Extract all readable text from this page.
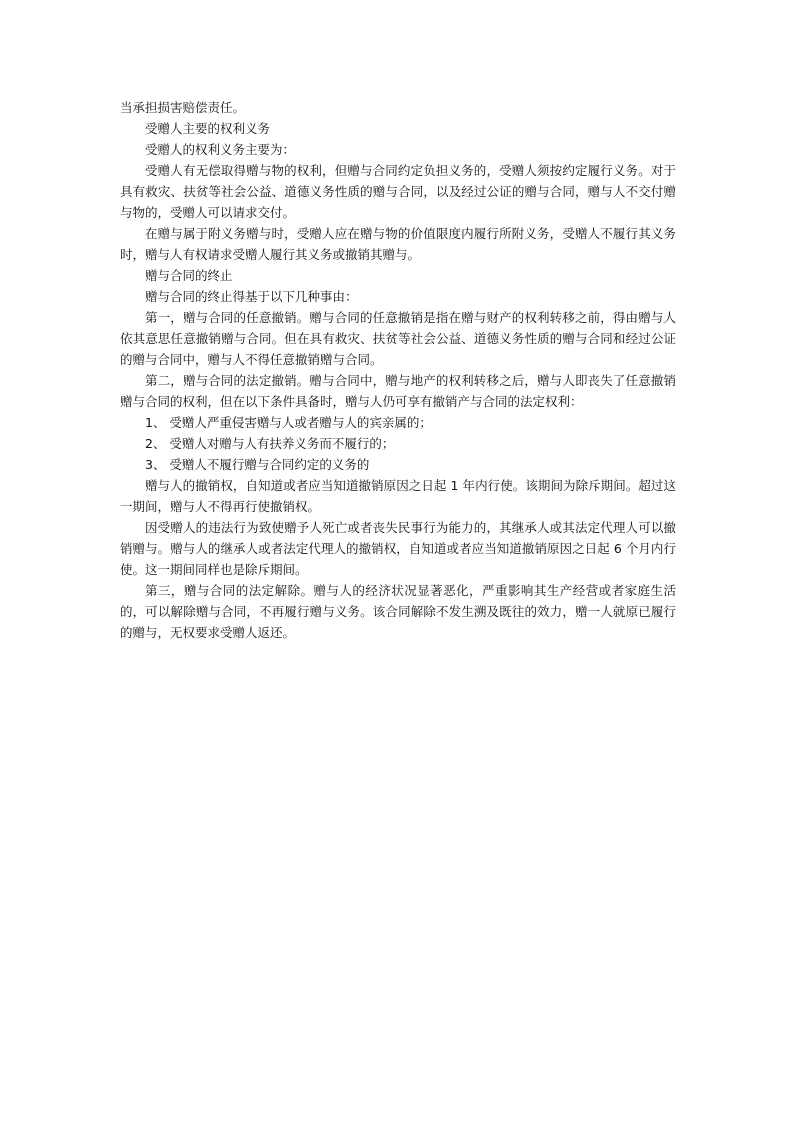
当承担损害赔偿责任。

受赠人主要的权利义务

受赠人的权利义务主要为：

受赠人有无偿取得赠与物的权利，但赠与合同约定负担义务的，受赠人须按约定履行义务。对于具有救灾、扶贫等社会公益、道德义务性质的赠与合同，以及经过公证的赠与合同，赠与人不交付赠与物的，受赠人可以请求交付。

在赠与属于附义务赠与时，受赠人应在赠与物的价值限度内履行所附义务，受赠人不履行其义务时，赠与人有权请求受赠人履行其义务或撤销其赠与。

赠与合同的终止

赠与合同的终止得基于以下几种事由：

第一，赠与合同的任意撤销。赠与合同的任意撤销是指在赠与财产的权利转移之前，得由赠与人依其意思任意撤销赠与合同。但在具有救灾、扶贫等社会公益、道德义务性质的赠与合同和经过公证的赠与合同中，赠与人不得任意撤销赠与合同。

第二，赠与合同的法定撤销。赠与合同中，赠与地产的权利转移之后，赠与人即丧失了任意撤销赠与合同的权利，但在以下条件具备时，赠与人仍可享有撤销产与合同的法定权利：

1、 受赠人严重侵害赠与人或者赠与人的宾亲属的；

2、 受赠人对赠与人有扶养义务而不履行的；

3、 受赠人不履行赠与合同约定的义务的

赠与人的撤销权，自知道或者应当知道撤销原因之日起 1 年内行使。该期间为除斥期间。超过这一期间，赠与人不得再行使撤销权。

因受赠人的违法行为致使赠予人死亡或者丧失民事行为能力的，其继承人或其法定代理人可以撤销赠与。赠与人的继承人或者法定代理人的撤销权，自知道或者应当知道撤销原因之日起 6 个月内行使。这一期间同样也是除斥期间。

第三，赠与合同的法定解除。赠与人的经济状况显著恶化，严重影响其生产经营或者家庭生活的，可以解除赠与合同，不再履行赠与义务。该合同解除不发生溯及既往的效力，赠一人就原已履行的赠与，无权要求受赠人返还。
